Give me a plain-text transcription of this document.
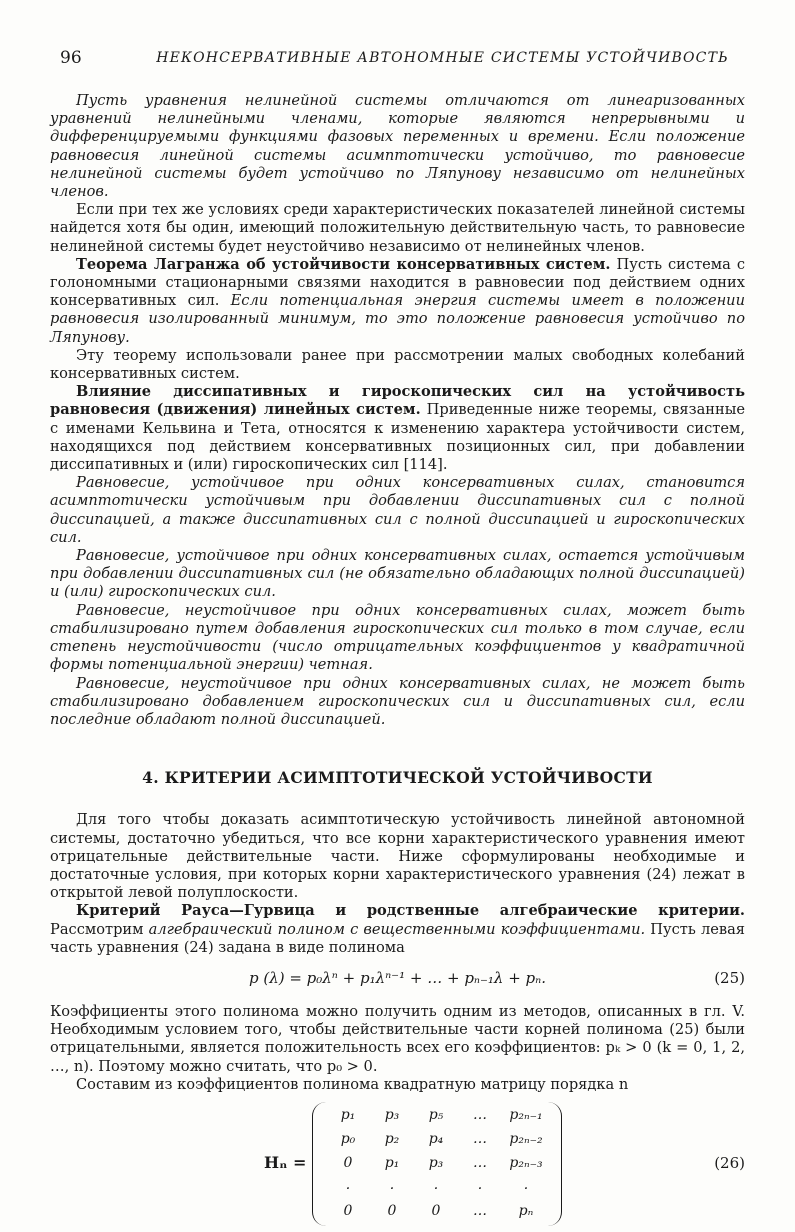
96	НЕКОНСЕРВАТИВНЫЕ АВТОНОМНЫЕ СИСТЕМЫ УСТОЙЧИВОСТЬ

Пусть уравнения нелинейной системы отличаются от линеаризованных уравнений нелинейными членами, которые являются непрерывными и дифференцируемыми функциями фазовых переменных и времени. Если положение равновесия линейной системы асимптотически устойчиво, то равновесие нелинейной системы будет устойчиво по Ляпунову независимо от нелинейных членов.

Если при тех же условиях среди характеристических показателей линейной системы найдется хотя бы один, имеющий положительную действительную часть, то равновесие нелинейной системы будет неустойчиво независимо от нелинейных членов.

Теорема Лагранжа об устойчивости консервативных систем. Пусть система с голономными стационарными связями находится в равновесии под действием одних консервативных сил. Если потенциальная энергия системы имеет в положении равновесия изолированный минимум, то это положение равновесия устойчиво по Ляпунову.

Эту теорему использовали ранее при рассмотрении малых свободных колебаний консервативных систем.

Влияние диссипативных и гироскопических сил на устойчивость равновесия (движения) линейных систем. Приведенные ниже теоремы, связанные с именами Кельвина и Тета, относятся к изменению характера устойчивости систем, находящихся под действием консервативных позиционных сил, при добавлении диссипативных и (или) гироскопических сил [114].

Равновесие, устойчивое при одних консервативных силах, становится асимптотически устойчивым при добавлении диссипативных сил с полной диссипацией, а также диссипативных сил с полной диссипацией и гироскопических сил.

Равновесие, устойчивое при одних консервативных силах, остается устойчивым при добавлении диссипативных сил (не обязательно обладающих полной диссипацией) и (или) гироскопических сил.

Равновесие, неустойчивое при одних консервативных силах, может быть стабилизировано путем добавления гироскопических сил только в том случае, если степень неустойчивости (число отрицательных коэффициентов у квадратичной формы потенциальной энергии) четная.

Равновесие, неустойчивое при одних консервативных силах, не может быть стабилизировано добавлением гироскопических сил и диссипативных сил, если последние обладают полной диссипацией.

4. КРИТЕРИИ АСИМПТОТИЧЕСКОЙ УСТОЙЧИВОСТИ

Для того чтобы доказать асимптотическую устойчивость линейной автономной системы, достаточно убедиться, что все корни характеристического уравнения имеют отрицательные действительные части. Ниже сформулированы необходимые и достаточные условия, при которых корни характеристического уравнения (24) лежат в открытой левой полуплоскости.

Критерий Рауса—Гурвица и родственные алгебраические критерии. Рассмотрим алгебраический полином с вещественными коэффициентами. Пусть левая часть уравнения (24) задана в виде полинома

p (λ) = p₀λⁿ + p₁λⁿ⁻¹ + … + pₙ₋₁λ + pₙ.	(25)

Коэффициенты этого полинома можно получить одним из методов, описанных в гл. V. Необходимым условием того, чтобы действительные части корней полинома (25) были отрицательными, является положительность всех его коэффициентов: pₖ > 0 (k = 0, 1, 2, …, n). Поэтому можно считать, что p₀ > 0.

Составим из коэффициентов полинома квадратную матрицу порядка n

Hₙ =
p₁	p₃	p₅	…	p₂ₙ₋₁
p₀	p₂	p₄	…	p₂ₙ₋₂
0	p₁	p₃	…	p₂ₙ₋₃
·	·	·	·	·
0	0	0	…	pₙ
(26)
